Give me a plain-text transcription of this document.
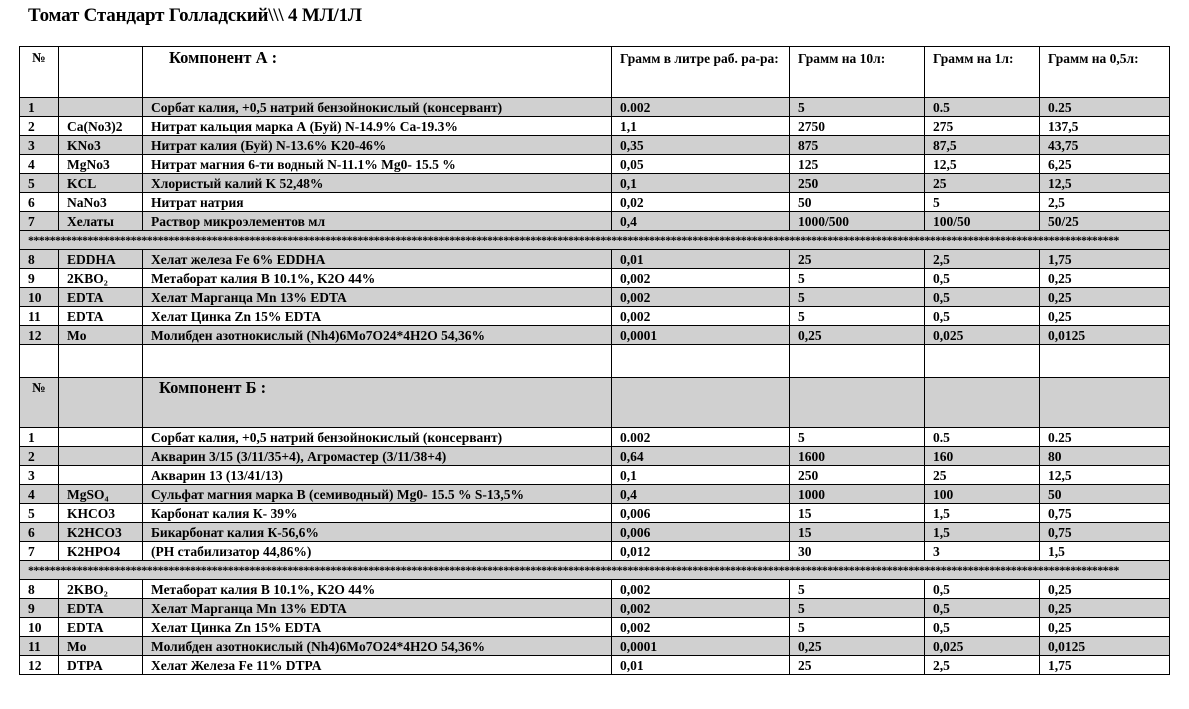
Томат Стандарт Голладский\\\ 4 МЛ/1Л
№		Компонент А :	Грамм в литре раб. ра-ра:	Грамм на 10л:	Грамм на 1л:	Грамм на 0,5л:

1		Сорбат калия, +0,5 натрий бензойнокислый (консервант)	0.002	5	0.5	0.25
2	Ca(No3)2	Нитрат кальция марка А (Буй) N-14.9% Ca-19.3%	1,1	2750	275	137,5
3	KNo3	Нитрат калия (Буй) N-13.6% K20-46%	0,35	875	87,5	43,75
4	MgNo3	Нитрат магния 6-ти водный N-11.1% Mg0- 15.5 %	0,05	125	12,5	6,25
5	KCL	Хлористый калий K 52,48%	0,1	250	25	12,5
6	NaNo3	Нитрат натрия	0,02	50	5	2,5
7	Хелаты	Раствор микроэлементов мл	0,4	1000/500	100/50	50/25
**********************************************************************************************************************************************************************************************************						
8	EDDHA	Хелат железа Fe 6% EDDHA	0,01	25	2,5	1,75
9	2KBO₂	Метаборат калия В 10.1%, K2O 44%	0,002	5	0,5	0,25
10	EDTA	Хелат Марганца Mn 13% EDTA	0,002	5	0,5	0,25
11	EDTA	Хелат Цинка Zn 15% EDTA	0,002	5	0,5	0,25
12	Mo	Молибден азотнокислый (Nh4)6Mo7O24*4H2O 54,36%	0,0001	0,25	0,025	0,0125

№		Компонент Б :				

1		Сорбат калия, +0,5 натрий бензойнокислый (консервант)	0.002	5	0.5	0.25
2		Акварин 3/15 (3/11/35+4), Агромастер (3/11/38+4)	0,64	1600	160	80
3		Акварин 13 (13/41/13)	0,1	250	25	12,5
4	MgSO₄	Сульфат магния марка В (семиводный) Mg0- 15.5 % S-13,5%	0,4	1000	100	50
5	KHCO3	Карбонат калия К- 39%	0,006	15	1,5	0,75
6	K2HCO3	Бикарбонат калия К-56,6%	0,006	15	1,5	0,75
7	K2HPO4	(PH стабилизатор 44,86%)	0,012	30	3	1,5
**********************************************************************************************************************************************************************************************************						
8	2KBO₂	Метаборат калия В 10.1%, K2O 44%	0,002	5	0,5	0,25
9	EDTA	Хелат Марганца Mn 13% EDTA	0,002	5	0,5	0,25
10	EDTA	Хелат Цинка Zn 15% EDTA	0,002	5	0,5	0,25
11	Mo	Молибден азотнокислый (Nh4)6Mo7O24*4H2O 54,36%	0,0001	0,25	0,025	0,0125
12	DTPA	Хелат Железа Fe 11% DTPA	0,01	25	2,5	1,75
